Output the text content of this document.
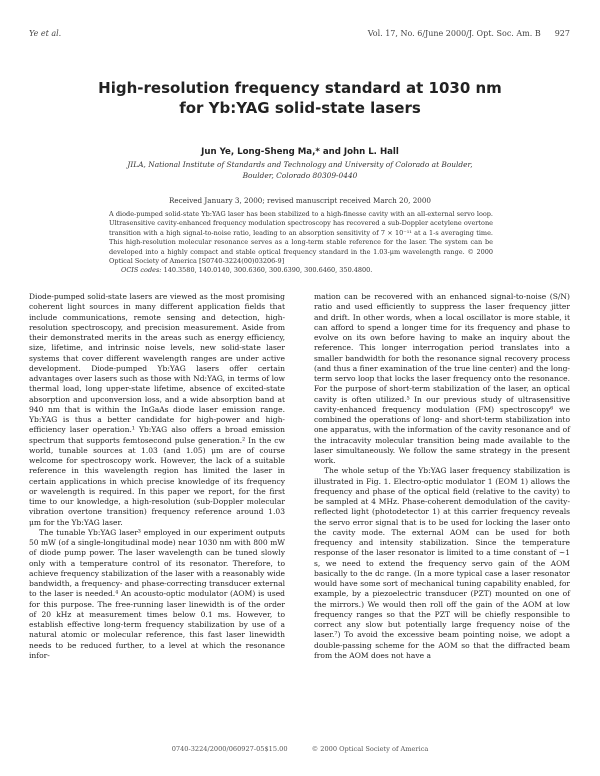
Ye et al.	Vol. 17, No. 6/June 2000/J. Opt. Soc. Am. B 927
High-resolution frequency standard at 1030 nm
for Yb:YAG solid-state lasers
Jun Ye, Long-Sheng Ma,* and John L. Hall
JILA, National Institute of Standards and Technology and University of Colorado at Boulder,
Boulder, Colorado 80309-0440
Received January 3, 2000; revised manuscript received March 20, 2000
A diode-pumped solid-state Yb:YAG laser has been stabilized to a high-finesse cavity with an all-external servo loop. Ultrasensitive cavity-enhanced frequency modulation spectroscopy has recovered a sub-Doppler acetylene overtone transition with a high signal-to-noise ratio, leading to an absorption sensitivity of 7 × 10⁻¹¹ at a 1-s averaging time. This high-resolution molecular resonance serves as a long-term stable reference for the laser. The system can be developed into a highly compact and stable optical frequency standard in the 1.03-μm wavelength range. © 2000 Optical Society of America [S0740-3224(00)03206-9]
OCIS codes: 140.3580, 140.0140, 300.6360, 300.6390, 300.6460, 350.4800.

Diode-pumped solid-state lasers are viewed as the most promising coherent light sources in many different application fields that include communications, remote sensing and detection, high-resolution spectroscopy, and precision measurement. Aside from their demonstrated merits in the areas such as energy efficiency, size, lifetime, and intrinsic noise levels, new solid-state laser systems that cover different wavelength ranges are under active development. Diode-pumped Yb:YAG lasers offer certain advantages over lasers such as those with Nd:YAG, in terms of low thermal load, long upper-state lifetime, absence of excited-state absorption and upconversion loss, and a wide absorption band at 940 nm that is within the InGaAs diode laser emission range. Yb:YAG is thus a better candidate for high-power and high-efficiency laser operation.¹ Yb:YAG also offers a broad emission spectrum that supports femtosecond pulse generation.² In the cw world, tunable sources at 1.03 (and 1.05) μm are of course welcome for spectroscopy work. However, the lack of a suitable reference in this wavelength region has limited the laser in certain applications in which precise knowledge of its frequency or wavelength is required. In this paper we report, for the first time to our knowledge, a high-resolution (sub-Doppler molecular vibration overtone transition) frequency reference around 1.03 μm for the Yb:YAG laser.

The tunable Yb:YAG laser³ employed in our experiment outputs 50 mW (of a single-longitudinal mode) near 1030 nm with 800 mW of diode pump power. The laser wavelength can be tuned slowly only with a temperature control of its resonator. Therefore, to achieve frequency stabilization of the laser with a reasonably wide bandwidth, a frequency- and phase-correcting transducer external to the laser is needed.⁴ An acousto-optic modulator (AOM) is used for this purpose. The free-running laser linewidth is of the order of 20 kHz at measurement times below 0.1 ms. However, to establish effective long-term frequency stabilization by use of a natural atomic or molecular reference, this fast laser linewidth needs to be reduced further, to a level at which the resonance infor-

mation can be recovered with an enhanced signal-to-noise (S/N) ratio and used efficiently to suppress the laser frequency jitter and drift. In other words, when a local oscillator is more stable, it can afford to spend a longer time for its frequency and phase to evolve on its own before having to make an inquiry about the reference. This longer interrogation period translates into a smaller bandwidth for both the resonance signal recovery process (and thus a finer examination of the true line center) and the long-term servo loop that locks the laser frequency onto the resonance. For the purpose of short-term stabilization of the laser, an optical cavity is often utilized.⁵ In our previous study of ultrasensitive cavity-enhanced frequency modulation (FM) spectroscopy⁶ we combined the operations of long- and short-term stabilization into one apparatus, with the information of the cavity resonance and of the intracavity molecular transition being made available to the laser simultaneously. We follow the same strategy in the present work.

The whole setup of the Yb:YAG laser frequency stabilization is illustrated in Fig. 1. Electro-optic modulator 1 (EOM 1) allows the frequency and phase of the optical field (relative to the cavity) to be sampled at 4 MHz. Phase-coherent demodulation of the cavity-reflected light (photodetector 1) at this carrier frequency reveals the servo error signal that is to be used for locking the laser onto the cavity mode. The external AOM can be used for both frequency and intensity stabilization. Since the temperature response of the laser resonator is limited to a time constant of ~1 s, we need to extend the frequency servo gain of the AOM basically to the dc range. (In a more typical case a laser resonator would have some sort of mechanical tuning capability enabled, for example, by a piezoelectric transducer (PZT) mounted on one of the mirrors.) We would then roll off the gain of the AOM at low frequency ranges so that the PZT will be chiefly responsible to correct any slow but potentially large frequency noise of the laser.⁷) To avoid the excessive beam pointing noise, we adopt a double-passing scheme for the AOM so that the diffracted beam from the AOM does not have a

0740-3224/2000/060927-05$15.00	© 2000 Optical Society of America
